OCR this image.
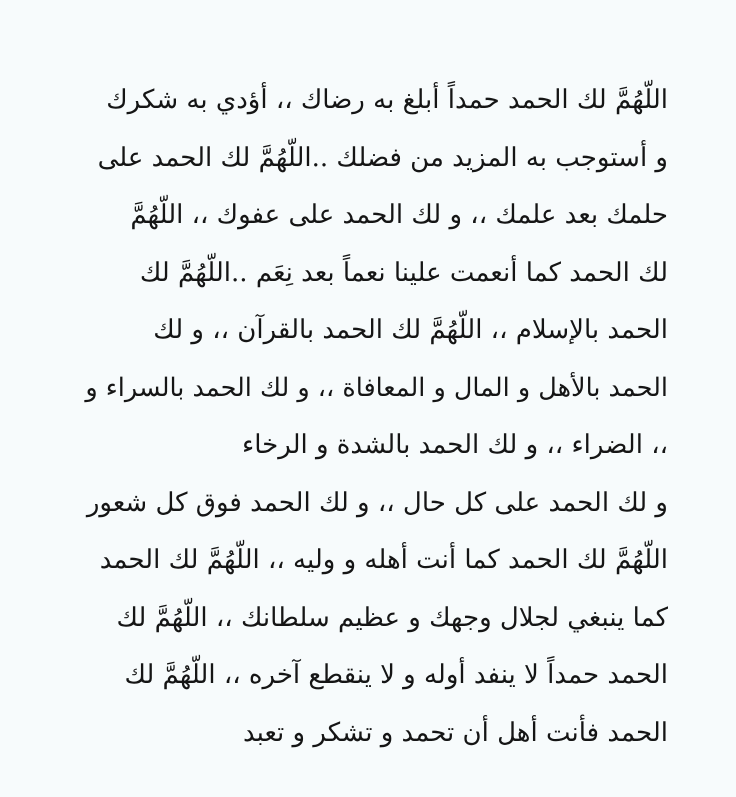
اللّهُمَّ لك الحمد حمداً أبلغ به رضاك ،، أؤدي به شكرك
و أستوجب به المزيد من فضلك ..اللّهُمَّ لك الحمد على
حلمك بعد علمك ،، و لك الحمد على عفوك ،، اللّهُمَّ
لك الحمد كما أنعمت علينا نعماً بعد نِعَم ..اللّهُمَّ لك
الحمد بالإسلام ،، اللّهُمَّ لك الحمد بالقرآن ،، و لك
الحمد بالأهل و المال و المعافاة ،، و لك الحمد بالسراء و
،، الضراء ،، و لك الحمد بالشدة و الرخاء
و لك الحمد على كل حال ،، و لك الحمد فوق كل شعور
اللّهُمَّ لك الحمد كما أنت أهله و وليه ،، اللّهُمَّ لك الحمد
كما ينبغي لجلال وجهك و عظيم سلطانك ،، اللّهُمَّ لك
الحمد حمداً لا ينفد أوله و لا ينقطع آخره ،، اللّهُمَّ لك
الحمد فأنت أهل أن تحمد و تشكر و تعبد
